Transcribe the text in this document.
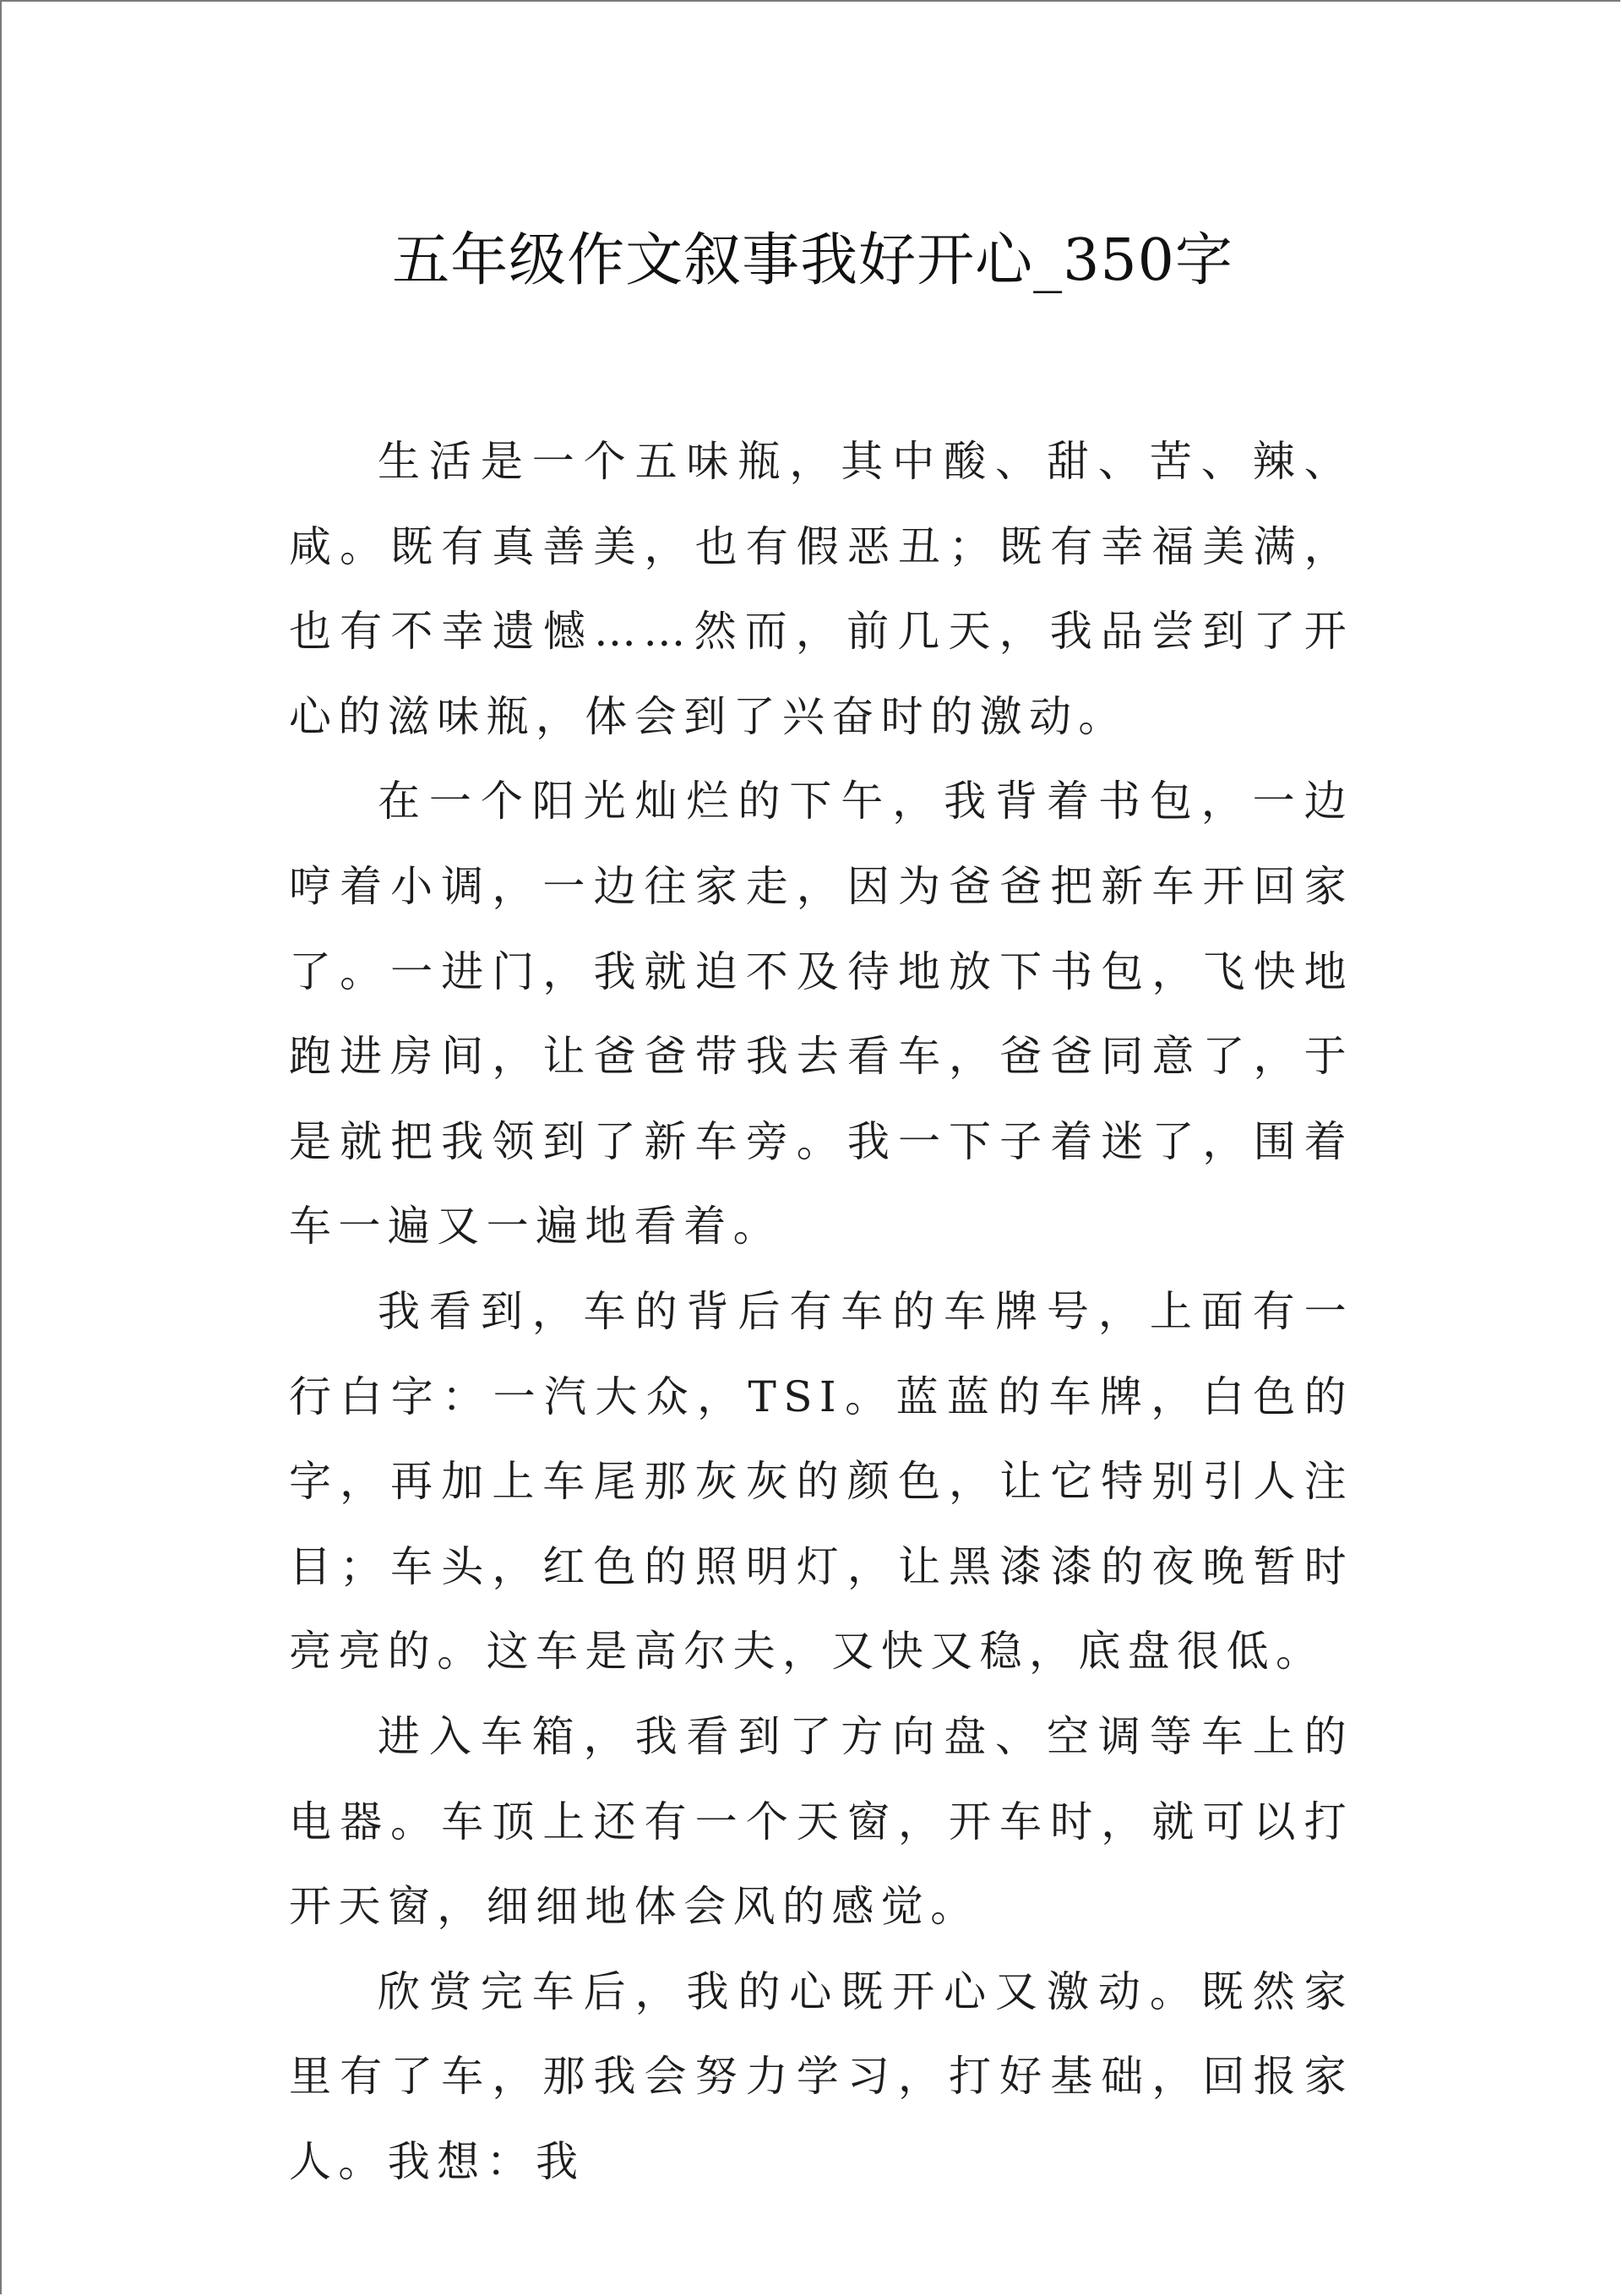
五年级作文叙事我好开心_350字

生活是一个五味瓶，其中酸、甜、苦、辣、咸。既有真善美，也有假恶丑；既有幸福美满，也有不幸遗憾……然而，前几天，我品尝到了开心的滋味瓶，体会到了兴奋时的激动。

在一个阳光灿烂的下午，我背着书包，一边哼着小调，一边往家走，因为爸爸把新车开回家了。一进门，我就迫不及待地放下书包，飞快地跑进房间，让爸爸带我去看车，爸爸同意了，于是就把我领到了新车旁。我一下子着迷了，围着车一遍又一遍地看着。

我看到，车的背后有车的车牌号，上面有一行白字：一汽大众，TSI。蓝蓝的车牌，白色的字，再加上车尾那灰灰的颜色，让它特别引人注目；车头，红色的照明灯，让黑漆漆的夜晚暂时亮亮的。这车是高尔夫，又快又稳，底盘很低。

进入车箱，我看到了方向盘、空调等车上的电器。车顶上还有一个天窗，开车时，就可以打开天窗，细细地体会风的感觉。

欣赏完车后，我的心既开心又激动。既然家里有了车，那我会努力学习，打好基础，回报家人。我想：我
